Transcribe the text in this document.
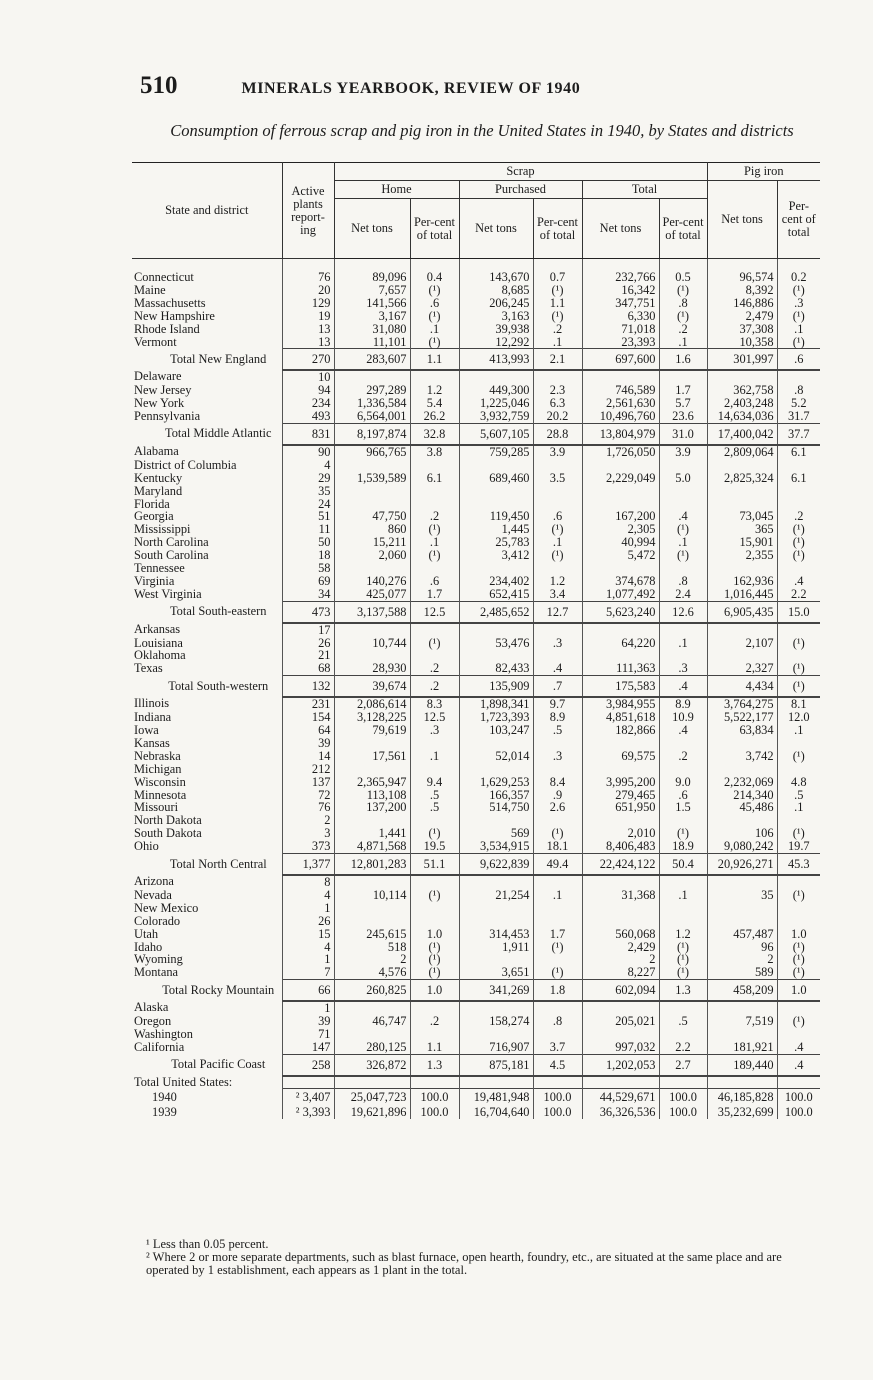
510	MINERALS YEARBOOK, REVIEW OF 1940
Consumption of ferrous scrap and pig iron in the United States in 1940, by States and districts
State and district	Active plants report-ing	Scrap						Pig iron	
		Home		Purchased		Total		Net tons	Per-cent of total
		Net tons	Per-cent of total	Net tons	Per-cent of total	Net tons	Per-cent of total		

Connecticut	76	89,096	0.4	143,670	0.7	232,766	0.5	96,574	0.2
Maine	20	7,657	(¹)	8,685	(¹)	16,342	(¹)	8,392	(¹)
Massachusetts	129	141,566	.6	206,245	1.1	347,751	.8	146,886	.3
New Hampshire	19	3,167	(¹)	3,163	(¹)	6,330	(¹)	2,479	(¹)
Rhode Island	13	31,080	.1	39,938	.2	71,018	.2	37,308	.1
Vermont	13	11,101	(¹)	12,292	.1	23,393	.1	10,358	(¹)
Total New England	270	283,607	1.1	413,993	2.1	697,600	1.6	301,997	.6
Delaware	10								
New Jersey	94	297,289	1.2	449,300	2.3	746,589	1.7	362,758	.8
New York	234	1,336,584	5.4	1,225,046	6.3	2,561,630	5.7	2,403,248	5.2
Pennsylvania	493	6,564,001	26.2	3,932,759	20.2	10,496,760	23.6	14,634,036	31.7
Total Middle Atlantic	831	8,197,874	32.8	5,607,105	28.8	13,804,979	31.0	17,400,042	37.7
Alabama	90	966,765	3.8	759,285	3.9	1,726,050	3.9	2,809,064	6.1
District of Columbia	4								
Kentucky	29	1,539,589	6.1	689,460	3.5	2,229,049	5.0	2,825,324	6.1
Maryland	35								
Florida	24								
Georgia	51	47,750	.2	119,450	.6	167,200	.4	73,045	.2
Mississippi	11	860	(¹)	1,445	(¹)	2,305	(¹)	365	(¹)
North Carolina	50	15,211	.1	25,783	.1	40,994	.1	15,901	(¹)
South Carolina	18	2,060	(¹)	3,412	(¹)	5,472	(¹)	2,355	(¹)
Tennessee	58								
Virginia	69	140,276	.6	234,402	1.2	374,678	.8	162,936	.4
West Virginia	34	425,077	1.7	652,415	3.4	1,077,492	2.4	1,016,445	2.2
Total South-eastern	473	3,137,588	12.5	2,485,652	12.7	5,623,240	12.6	6,905,435	15.0
Arkansas	17								
Louisiana	26	10,744	(¹)	53,476	.3	64,220	.1	2,107	(¹)
Oklahoma	21								
Texas	68	28,930	.2	82,433	.4	111,363	.3	2,327	(¹)
Total South-western	132	39,674	.2	135,909	.7	175,583	.4	4,434	(¹)
Illinois	231	2,086,614	8.3	1,898,341	9.7	3,984,955	8.9	3,764,275	8.1
Indiana	154	3,128,225	12.5	1,723,393	8.9	4,851,618	10.9	5,522,177	12.0
Iowa	64	79,619	.3	103,247	.5	182,866	.4	63,834	.1
Kansas	39								
Nebraska	14	17,561	.1	52,014	.3	69,575	.2	3,742	(¹)
Michigan	212								
Wisconsin	137	2,365,947	9.4	1,629,253	8.4	3,995,200	9.0	2,232,069	4.8
Minnesota	72	113,108	.5	166,357	.9	279,465	.6	214,340	.5
Missouri	76	137,200	.5	514,750	2.6	651,950	1.5	45,486	.1
North Dakota	2								
South Dakota	3	1,441	(¹)	569	(¹)	2,010	(¹)	106	(¹)
Ohio	373	4,871,568	19.5	3,534,915	18.1	8,406,483	18.9	9,080,242	19.7
Total North Central	1,377	12,801,283	51.1	9,622,839	49.4	22,424,122	50.4	20,926,271	45.3
Arizona	8								
Nevada	4	10,114	(¹)	21,254	.1	31,368	.1	35	(¹)
New Mexico	1								
Colorado	26								
Utah	15	245,615	1.0	314,453	1.7	560,068	1.2	457,487	1.0
Idaho	4	518	(¹)	1,911	(¹)	2,429	(¹)	96	(¹)
Wyoming	1	2	(¹)			2	(¹)	2	(¹)
Montana	7	4,576	(¹)	3,651	(¹)	8,227	(¹)	589	(¹)
Total Rocky Mountain	66	260,825	1.0	341,269	1.8	602,094	1.3	458,209	1.0
Alaska	1								
Oregon	39	46,747	.2	158,274	.8	205,021	.5	7,519	(¹)
Washington	71								
California	147	280,125	1.1	716,907	3.7	997,032	2.2	181,921	.4
Total Pacific Coast	258	326,872	1.3	875,181	4.5	1,202,053	2.7	189,440	.4
Total United States:									
1940	² 3,407	25,047,723	100.0	19,481,948	100.0	44,529,671	100.0	46,185,828	100.0
1939	² 3,393	19,621,896	100.0	16,704,640	100.0	36,326,536	100.0	35,232,699	100.0

¹ Less than 0.05 percent.

² Where 2 or more separate departments, such as blast furnace, open hearth, foundry, etc., are situated at the same place and are operated by 1 establishment, each appears as 1 plant in the total.
